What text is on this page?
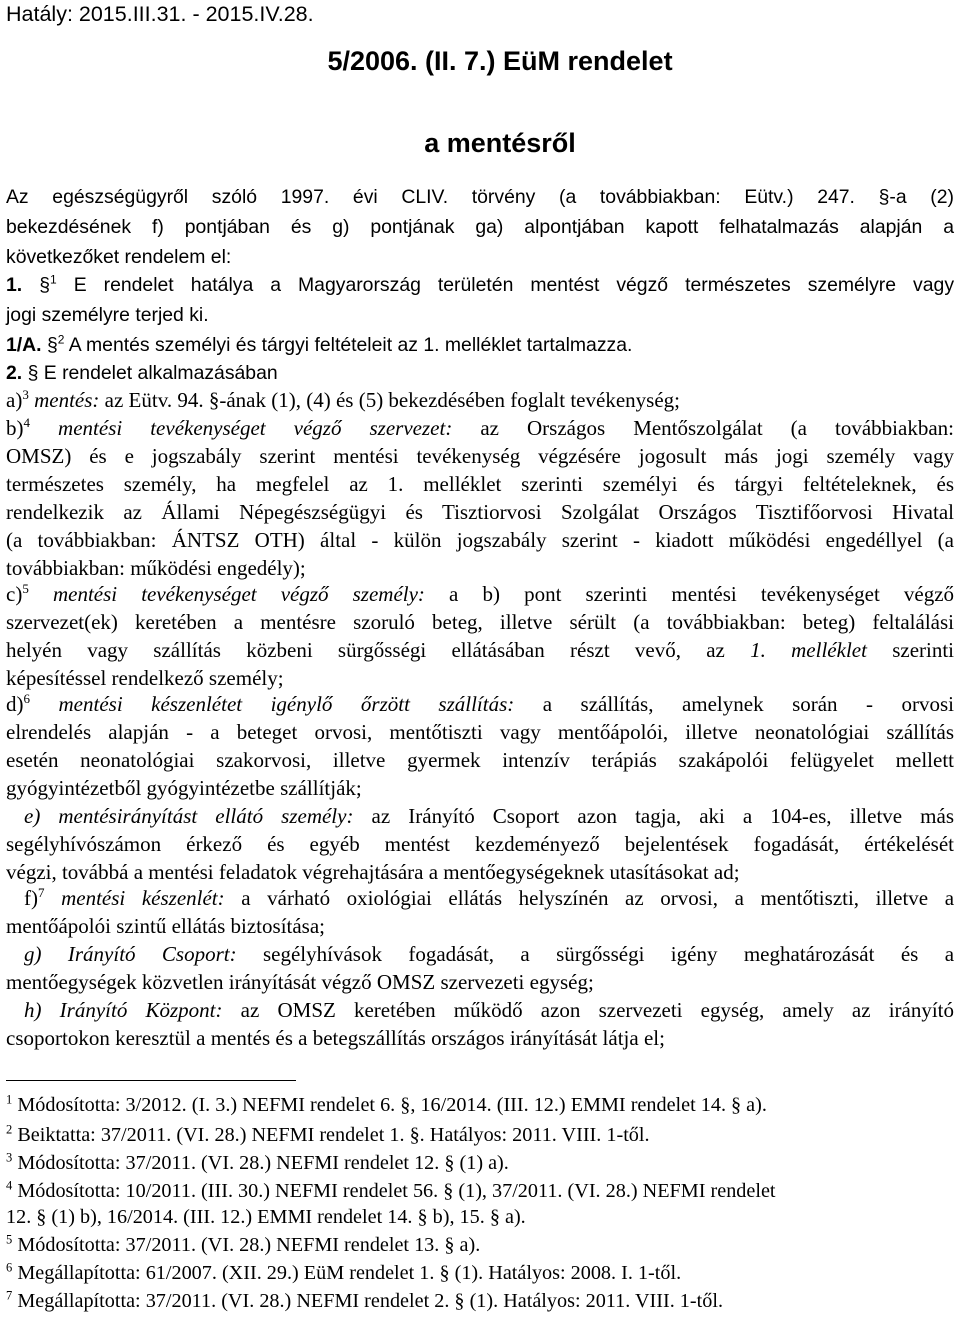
Hatály: 2015.III.31. - 2015.IV.28.
5/2006. (II. 7.) EüM rendelet
a mentésről
Az egészségügyről szóló 1997. évi CLIV. törvény (a továbbiakban: Eütv.) 247. §-a (2)
bekezdésének f) pontjában és g) pontjának ga) alpontjában kapott felhatalmazás alapján a
következőket rendelem el:
1. §$^1$ E rendelet hatálya a Magyarország területén mentést végző természetes személyre vagy
jogi személyre terjed ki.
1/A. §$^2$ A mentés személyi és tárgyi feltételeit az 1. melléklet tartalmazza.
2. § E rendelet alkalmazásában
a)$^3$ mentés: az Eütv. 94. §-ának (1), (4) és (5) bekezdésében foglalt tevékenység;
b)$^4$ mentési tevékenységet végző szervezet: az Országos Mentőszolgálat (a továbbiakban:
OMSZ) és e jogszabály szerint mentési tevékenység végzésére jogosult más jogi személy vagy
természetes személy, ha megfelel az 1. melléklet szerinti személyi és tárgyi feltételeknek, és
rendelkezik az Állami Népegészségügyi és Tisztiorvosi Szolgálat Országos Tisztifőorvosi Hivatal
(a továbbiakban: ÁNTSZ OTH) által - külön jogszabály szerint - kiadott működési engedéllyel (a
továbbiakban: működési engedély);
c)$^5$ mentési tevékenységet végző személy: a b) pont szerinti mentési tevékenységet végző
szervezet(ek) keretében a mentésre szoruló beteg, illetve sérült (a továbbiakban: beteg) feltalálási
helyén vagy szállítás közbeni sürgősségi ellátásában részt vevő, az 1. melléklet szerinti
képesítéssel rendelkező személy;
d)$^6$ mentési készenlétet igénylő őrzött szállítás: a szállítás, amelynek során - orvosi
elrendelés alapján - a beteget orvosi, mentőtiszti vagy mentőápolói, illetve neonatológiai szállítás
esetén neonatológiai szakorvosi, illetve gyermek intenzív terápiás szakápolói felügyelet mellett
gyógyintézetből gyógyintézetbe szállítják;
e) mentésirányítást ellátó személy: az Irányító Csoport azon tagja, aki a 104-es, illetve más
segélyhívószámon érkező és egyéb mentést kezdeményező bejelentések fogadását, értékelését
végzi, továbbá a mentési feladatok végrehajtására a mentőegységeknek utasításokat ad;
f)$^7$ mentési készenlét: a várható oxiológiai ellátás helyszínén az orvosi, a mentőtiszti, illetve a
mentőápolói szintű ellátás biztosítása;
g) Irányító Csoport: segélyhívások fogadását, a sürgősségi igény meghatározását és a
mentőegységek közvetlen irányítását végző OMSZ szervezeti egység;
h) Irányító Központ: az OMSZ keretében működő azon szervezeti egység, amely az irányító
csoportokon keresztül a mentés és a betegszállítás országos irányítását látja el;
$^1$ Módosította: 3/2012. (I. 3.) NEFMI rendelet 6. §, 16/2014. (III. 12.) EMMI rendelet 14. § a).
$^2$ Beiktatta: 37/2011. (VI. 28.) NEFMI rendelet 1. §. Hatályos: 2011. VIII. 1-től.
$^3$ Módosította: 37/2011. (VI. 28.) NEFMI rendelet 12. § (1) a).
$^4$ Módosította: 10/2011. (III. 30.) NEFMI rendelet 56. § (1), 37/2011. (VI. 28.) NEFMI rendelet
12. § (1) b), 16/2014. (III. 12.) EMMI rendelet 14. § b), 15. § a).
$^5$ Módosította: 37/2011. (VI. 28.) NEFMI rendelet 13. § a).
$^6$ Megállapította: 61/2007. (XII. 29.) EüM rendelet 1. § (1). Hatályos: 2008. I. 1-től.
$^7$ Megállapította: 37/2011. (VI. 28.) NEFMI rendelet 2. § (1). Hatályos: 2011. VIII. 1-től.
